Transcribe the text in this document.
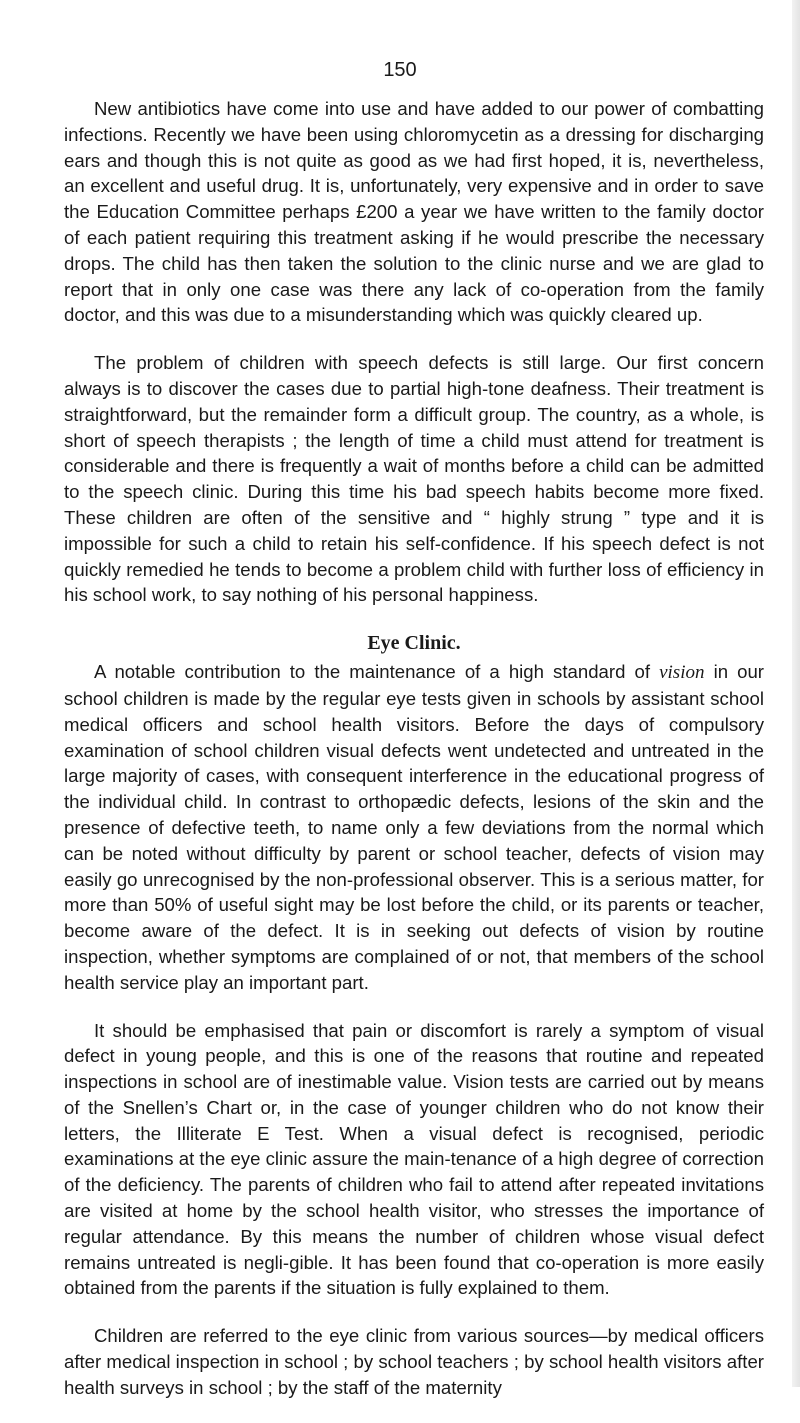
150

New antibiotics have come into use and have added to our power of combatting infections. Recently we have been using chloromycetin as a dressing for discharging ears and though this is not quite as good as we had first hoped, it is, nevertheless, an excellent and useful drug. It is, unfortunately, very expensive and in order to save the Education Committee perhaps £200 a year we have written to the family doctor of each patient requiring this treatment asking if he would prescribe the necessary drops. The child has then taken the solution to the clinic nurse and we are glad to report that in only one case was there any lack of co-operation from the family doctor, and this was due to a misunderstanding which was quickly cleared up.

The problem of children with speech defects is still large. Our first concern always is to discover the cases due to partial high-tone deafness. Their treatment is straightforward, but the remainder form a difficult group. The country, as a whole, is short of speech therapists ; the length of time a child must attend for treatment is considerable and there is frequently a wait of months before a child can be admitted to the speech clinic. During this time his bad speech habits become more fixed. These children are often of the sensitive and “ highly strung ” type and it is impossible for such a child to retain his self-confidence. If his speech defect is not quickly remedied he tends to become a problem child with further loss of efficiency in his school work, to say nothing of his personal happiness.

Eye Clinic.

A notable contribution to the maintenance of a high standard of vision in our school children is made by the regular eye tests given in schools by assistant school medical officers and school health visitors. Before the days of compulsory examination of school children visual defects went undetected and untreated in the large majority of cases, with consequent interference in the educational progress of the individual child. In contrast to orthopædic defects, lesions of the skin and the presence of defective teeth, to name only a few deviations from the normal which can be noted without difficulty by parent or school teacher, defects of vision may easily go unrecognised by the non-professional observer. This is a serious matter, for more than 50% of useful sight may be lost before the child, or its parents or teacher, become aware of the defect. It is in seeking out defects of vision by routine inspection, whether symptoms are complained of or not, that members of the school health service play an important part.

It should be emphasised that pain or discomfort is rarely a symptom of visual defect in young people, and this is one of the reasons that routine and repeated inspections in school are of inestimable value. Vision tests are carried out by means of the Snellen’s Chart or, in the case of younger children who do not know their letters, the Illiterate E Test. When a visual defect is recognised, periodic examinations at the eye clinic assure the main-tenance of a high degree of correction of the deficiency. The parents of children who fail to attend after repeated invitations are visited at home by the school health visitor, who stresses the importance of regular attendance. By this means the number of children whose visual defect remains untreated is negli-gible. It has been found that co-operation is more easily obtained from the parents if the situation is fully explained to them.

Children are referred to the eye clinic from various sources—by medical officers after medical inspection in school ; by school teachers ; by school health visitors after health surveys in school ; by the staff of the maternity
